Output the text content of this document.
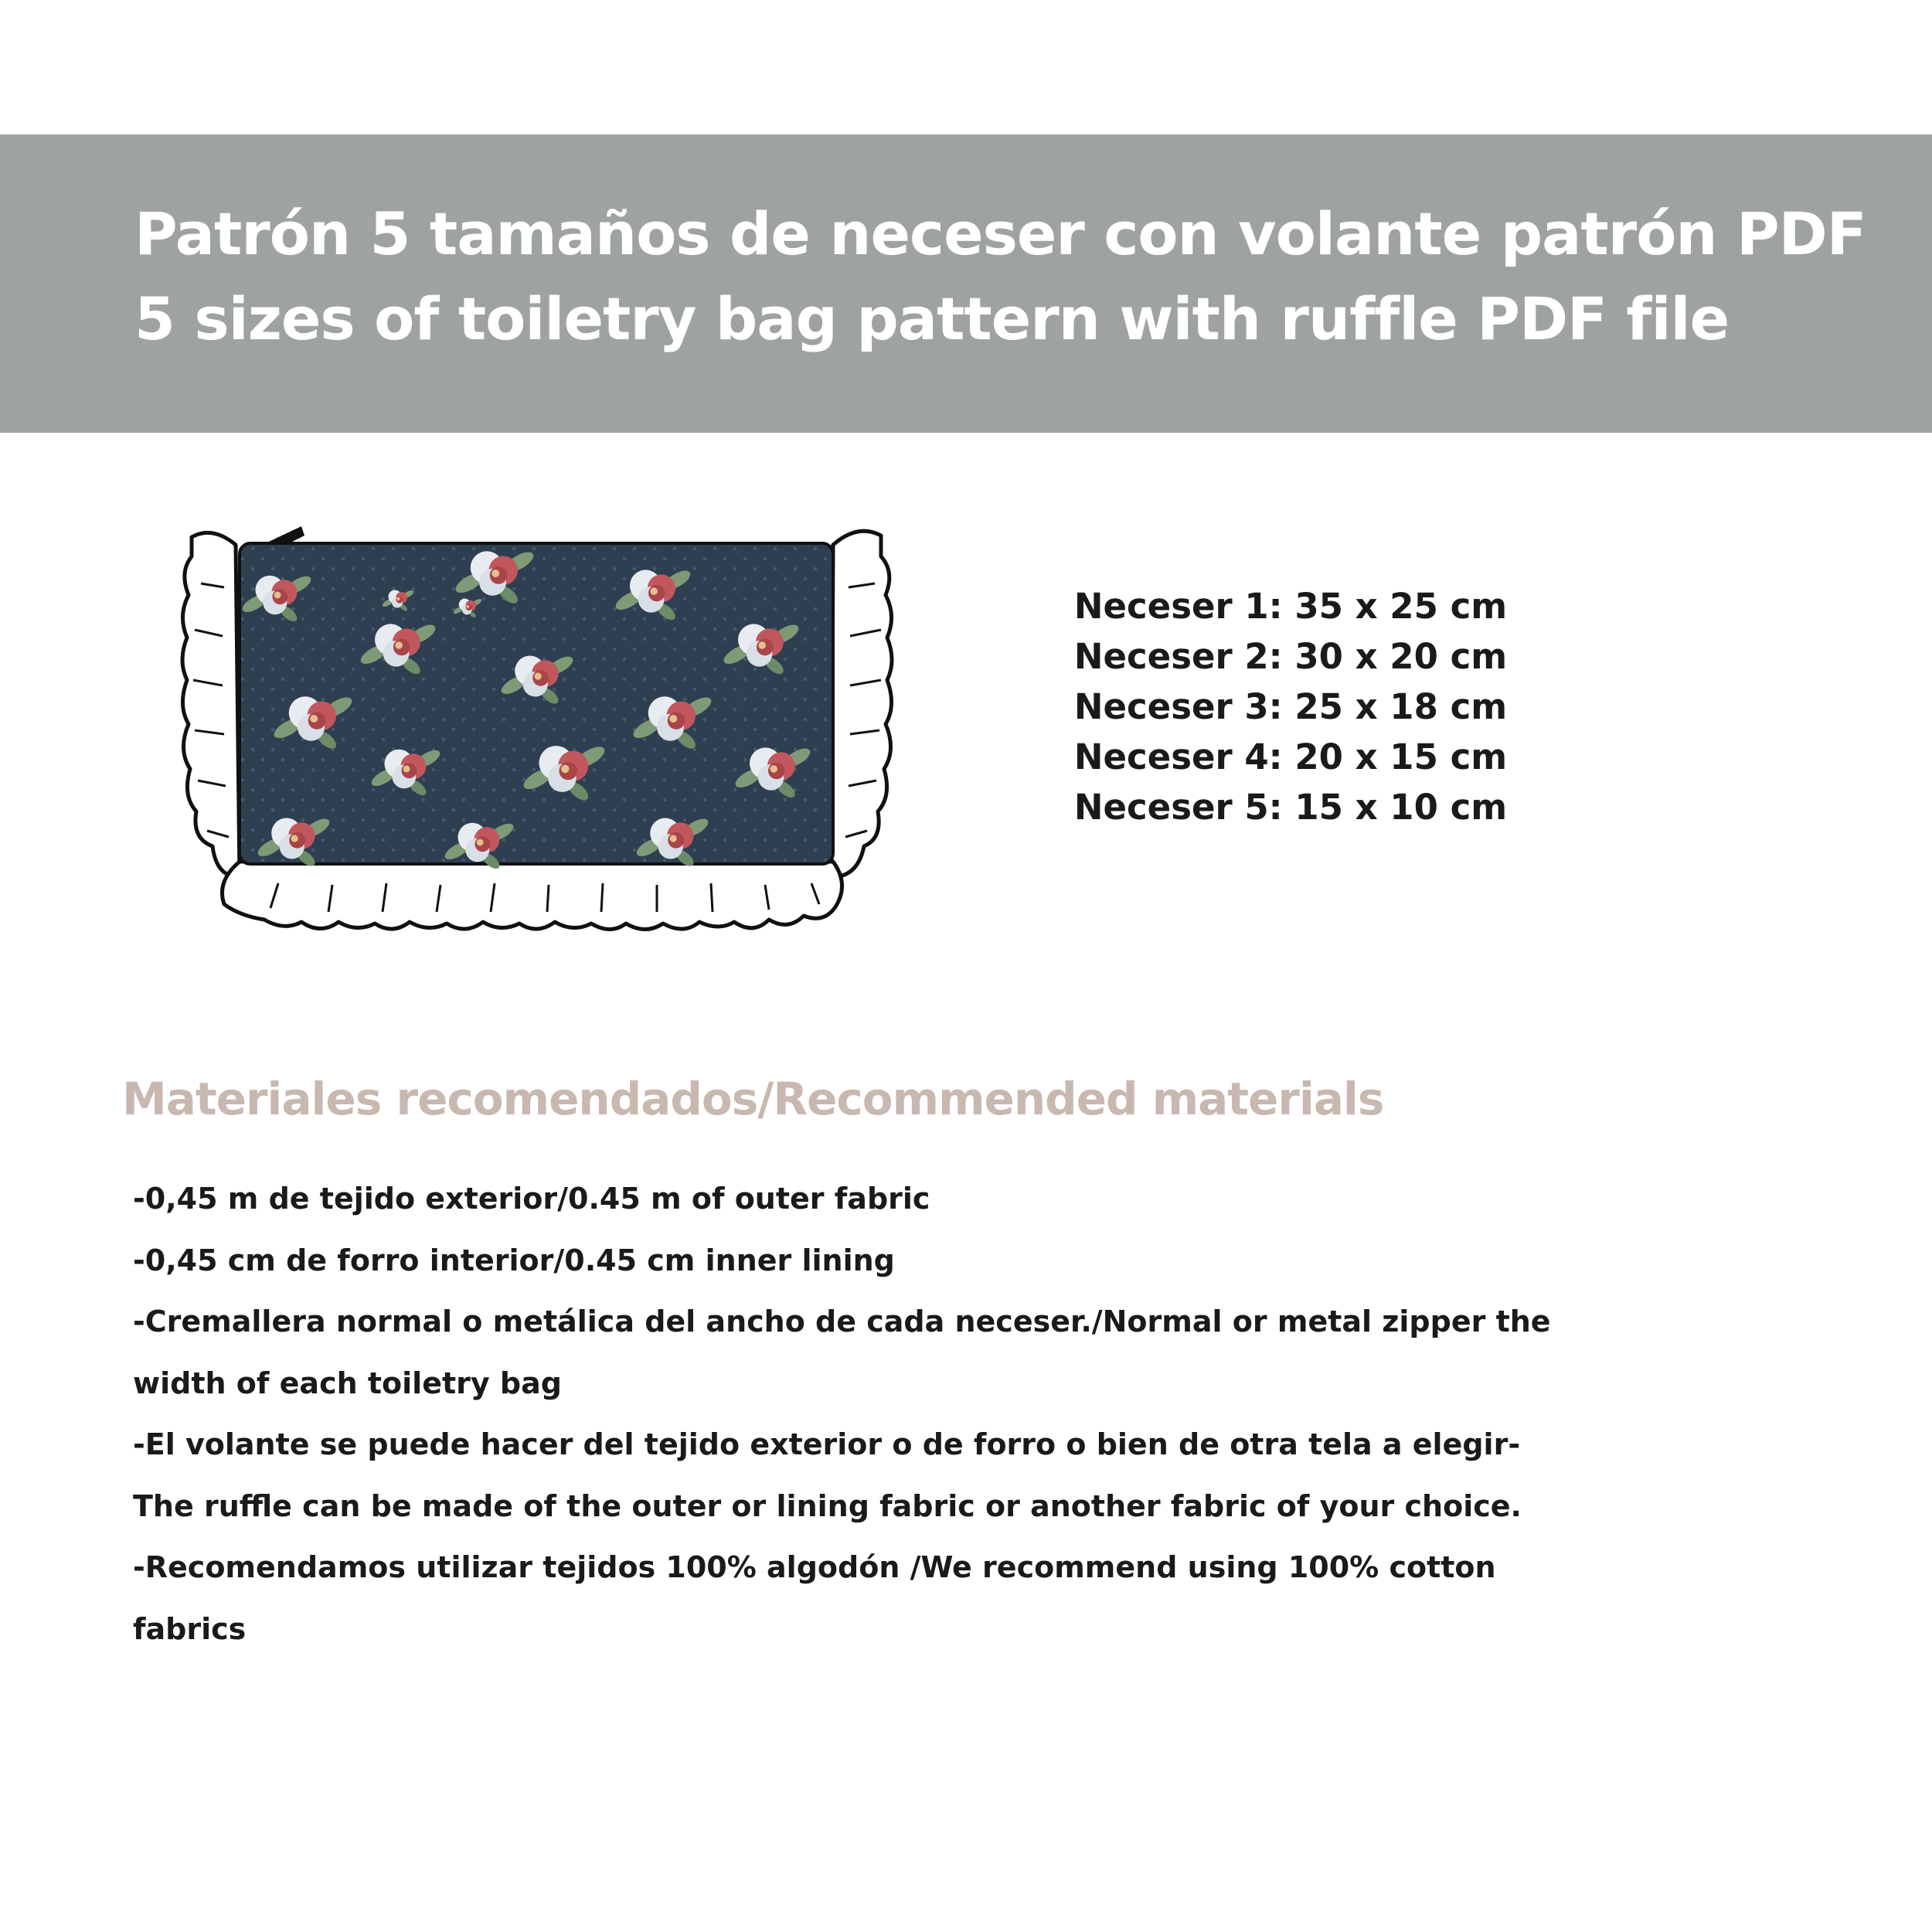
Patrón 5 tamaños de neceser con volante patrón PDF
5 sizes of toiletry bag pattern with ruffle PDF file
Neceser 1: 35 x 25 cm
Neceser 2: 30 x 20 cm
Neceser 3: 25 x 18 cm
Neceser 4: 20 x 15 cm
Neceser 5: 15 x 10 cm
Materiales recomendados/Recommended materials
-0,45 m de tejido exterior/0.45 m of outer fabric
-0,45 cm de forro interior/0.45 cm inner lining
-Cremallera normal o metálica del ancho de cada neceser./Normal or metal zipper the
width of each toiletry bag
-El volante se puede hacer del tejido exterior o de forro o bien de otra tela a elegir-
The ruffle can be made of the outer or lining fabric or another fabric of your choice.
-Recomendamos utilizar tejidos 100% algodón /We recommend using 100% cotton
fabrics
